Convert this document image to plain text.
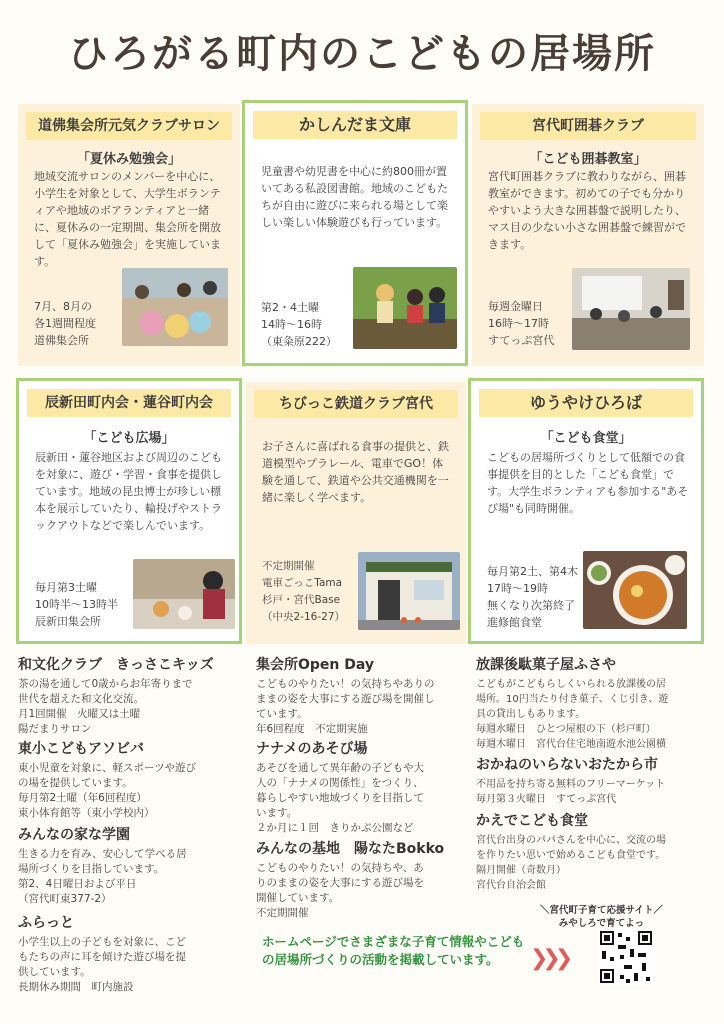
ひろがる町内のこどもの居場所
道佛集会所元気クラブサロン
「夏休み勉強会」
地域交流サロンのメンバーを中心に、小学生を対象として、大学生ボランティアや地域のボアランティアと一緒に、夏休みの一定期間、集会所を開放して「夏休み勉強会」を実施しています。
7月、8月の
各1週間程度
道佛集会所
かしんだま文庫
児童書や幼児書を中心に約800冊が置いてある私設図書館。地域のこどもたちが自由に遊びに来られる場として楽しい楽しい体験遊びも行っています。
第2・4土曜
14時〜16時
（東粂原222）
宮代町囲碁クラブ
「こども囲碁教室」
宮代町囲碁クラブに教わりながら、囲碁教室ができます。初めての子でも分かりやすいよう大きな囲碁盤で説明したり、マス目の少ない小さな囲碁盤で練習ができます。
毎週金曜日
16時〜17時
すてっぷ宮代
辰新田町内会・蓮谷町内会
「こども広場」
辰新田・蓮谷地区および周辺のこどもを対象に、遊び・学習・食事を提供しています。地域の昆虫博士が珍しい標本を展示していたり、輪投げやストラックアウトなどで楽しんでいます。
毎月第3土曜
10時半〜13時半
辰新田集会所
ちびっこ鉄道クラブ宮代
お子さんに喜ばれる食事の提供と、鉄道模型やプラレール、電車でGO！体験を通して、鉄道や公共交通機関を一緒に楽しく学べます。
不定期開催
電車ごっこTama
杉戸・宮代Base
（中央2-16-27）
ゆうやけひろば
「こども食堂」
こどもの居場所づくりとして低額での食事提供を目的とした「こども食堂」です。大学生ボランティアも参加する"あそび場"も同時開催。
毎月第2土、第4木
17時〜19時
無くなり次第終了
進修館食堂
和文化クラブ　きっさこキッズ
茶の湯を通して0歳からお年寄りまで
世代を超えた和文化交流。
月1回開催　火曜又は土曜
陽だまりサロン
東小こどもアソビバ
東小児童を対象に、軽スポーツや遊び
の場を提供しています。
毎月第2土曜（年6回程度）
東小体育館等（東小学校内）
みんなの家な学園
生きる力を育み、安心して学べる居
場所づくりを目指しています。
第2、4日曜日および平日
（宮代町東377-2）
ふらっと
小学生以上の子どもを対象に、こど
もたちの声に耳を傾けた遊び場を提
供しています。
長期休み期間　町内施設
集会所Open Day
こどものやりたい！の気持ちやありの
ままの姿を大事にする遊び場を開催し
ています。
年6回程度　不定期実施
ナナメのあそび場
あそびを通して異年齢の子どもや大
人の「ナナメの関係性」をつくり、
暮らしやすい地域づくりを目指して
います。
２か月に１回　きりかぶ公園など
みんなの基地　陽なたBokko
こどものやりたい！の気持ちや、あ
りのままの姿を大事にする遊び場を
開催しています。
不定期開催
放課後駄菓子屋ふさや
こどもがこどもらしくいられる放課後の居
場所。10円当たり付き菓子、くじ引き、遊
具の貸出しもあります。
毎週水曜日　ひとつ屋根の下（杉戸町）
毎週木曜日　宮代台住宅地南遊水池公園横
おかねのいらないおたから市
不用品を持ち寄る無料のフリーマーケット
毎月第３火曜日　すてっぷ宮代
かえでこども食堂
宮代台出身のパパさんを中心に、交流の場
を作りたい思いで始めるこども食堂です。
隔月開催（奇数月）
宮代台自治会館
＼宮代町子育て応援サイト／
みやしろで育てよっ
ホームページでさまざまな子育て情報やこどもの居場所づくりの活動を掲載しています。	❯❯❯
